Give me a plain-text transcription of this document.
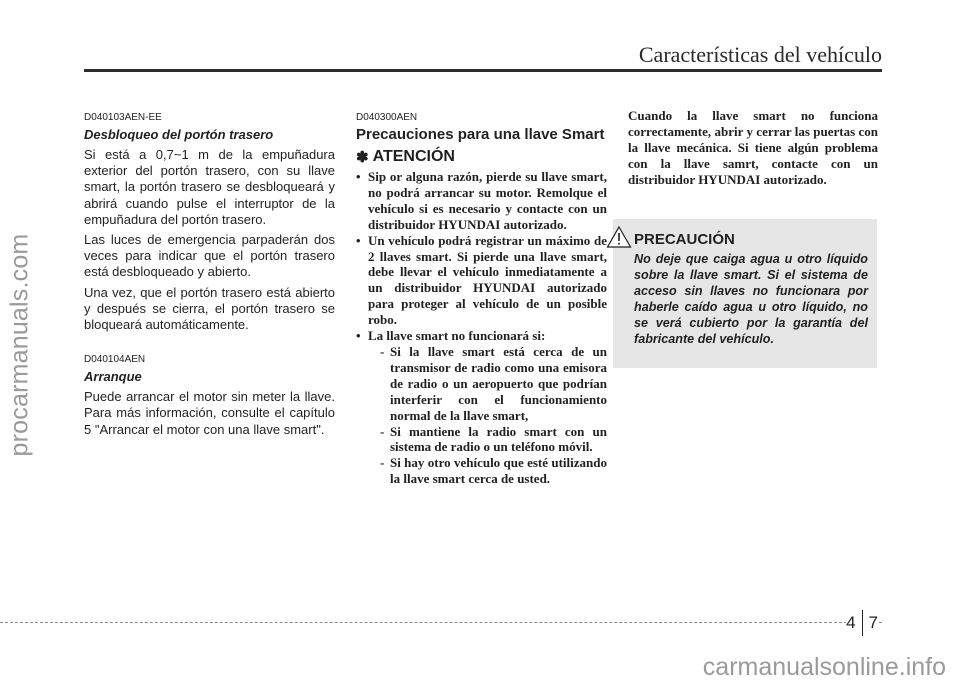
Características del vehículo
procarmanuals.com
D040103AEN-EE
Desbloqueo del portón trasero

Si está a 0,7~1 m de la empuñadura exterior del portón trasero, con su llave smart, la portón trasero se desbloqueará y abrirá cuando pulse el interruptor de la empuñadura del portón trasero.

Las luces de emergencia parpaderán dos veces para indicar que el portón trasero está desbloqueado y abierto.

Una vez, que el portón trasero está abierto y después se cierra, el portón trasero se bloqueará automáticamente.

D040104AEN
Arranque

Puede arrancar el motor sin meter la llave. Para más información, consulte el capítulo 5 "Arrancar el motor con una llave smart".

D040300AEN
Precauciones para una llave Smart
✽ ATENCIÓN
• Sip or alguna razón, pierde su llave smart, no podrá arrancar su motor. Remolque el vehículo si es necesario y contacte con un distribuidor HYUNDAI autorizado.
• Un vehículo podrá registrar un máximo de 2 llaves smart. Si pierde una llave smart, debe llevar el vehículo inmediatamente a un distribuidor HYUNDAI autorizado para proteger al vehículo de un posible robo.
• La llave smart no funcionará si:
- Si la llave smart está cerca de un transmisor de radio como una emisora de radio o un aeropuerto que podrían interferir con el funcionamiento normal de la llave smart,
- Si mantiene la radio smart con un sistema de radio o un teléfono móvil.
- Si hay otro vehículo que esté utilizando la llave smart cerca de usted.

Cuando la llave smart no funciona correctamente, abrir y cerrar las puertas con la llave mecánica. Si tiene algún problema con la llave samrt, contacte con un distribuidor HYUNDAI autorizado.

PRECAUCIÓN

No deje que caiga agua u otro líquido sobre la llave smart. Si el sistema de acceso sin llaves no funcionara por haberle caído agua u otro líquido, no se verá cubierto por la garantía del fabricante del vehículo.

4 7
carmanualsonline.info
